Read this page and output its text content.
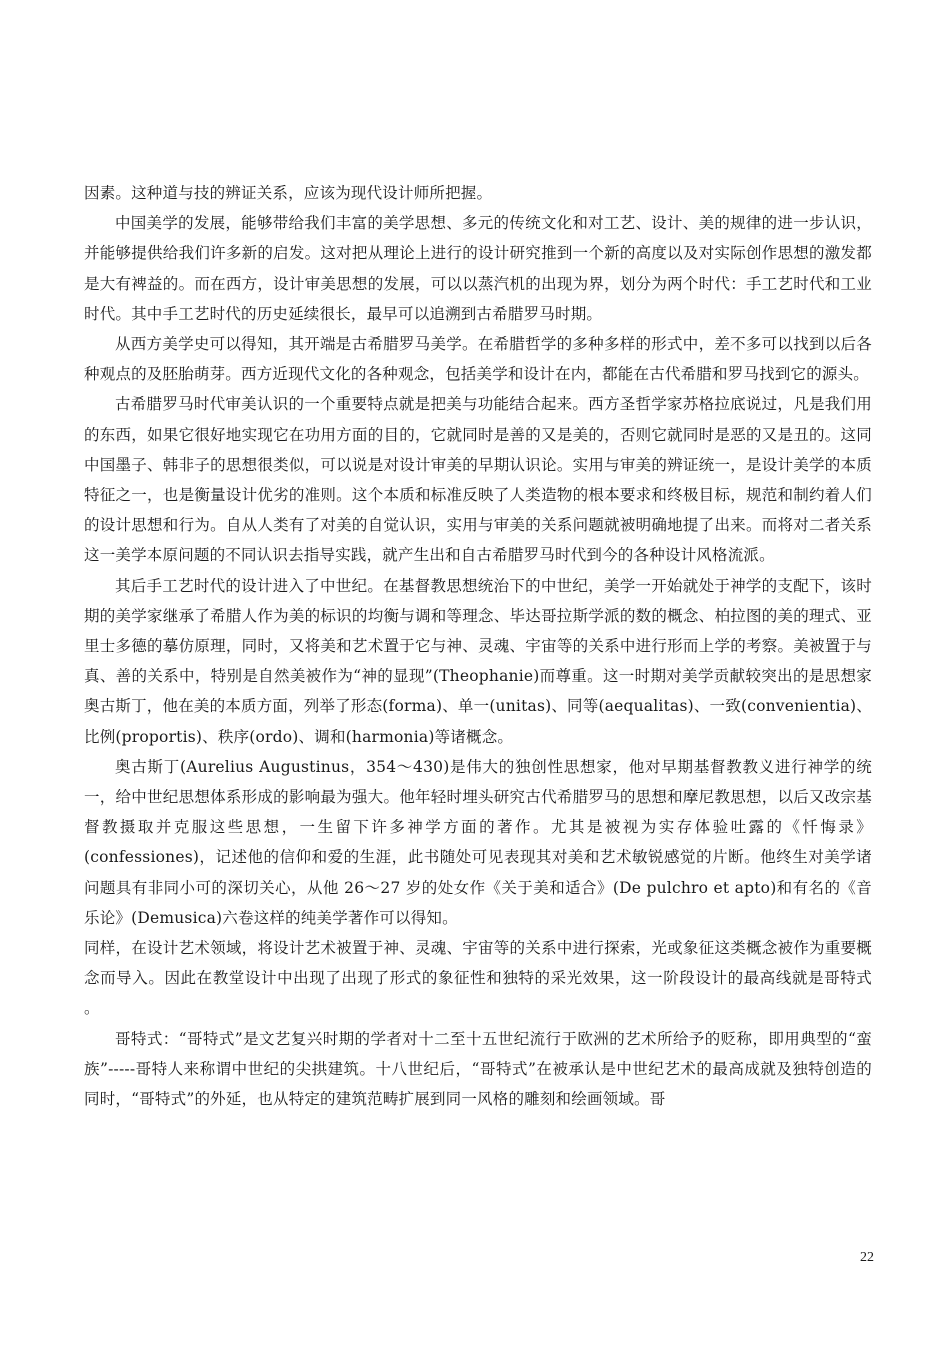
因素。这种道与技的辨证关系，应该为现代设计师所把握。

中国美学的发展，能够带给我们丰富的美学思想、多元的传统文化和对工艺、设计、美的规律的进一步认识，并能够提供给我们许多新的启发。这对把从理论上进行的设计研究推到一个新的高度以及对实际创作思想的激发都是大有裨益的。而在西方，设计审美思想的发展，可以以蒸汽机的出现为界，划分为两个时代：手工艺时代和工业时代。其中手工艺时代的历史延续很长，最早可以追溯到古希腊罗马时期。

从西方美学史可以得知，其开端是古希腊罗马美学。在希腊哲学的多种多样的形式中，差不多可以找到以后各种观点的及胚胎萌芽。西方近现代文化的各种观念，包括美学和设计在内，都能在古代希腊和罗马找到它的源头。

古希腊罗马时代审美认识的一个重要特点就是把美与功能结合起来。西方圣哲学家苏格拉底说过，凡是我们用的东西，如果它很好地实现它在功用方面的目的，它就同时是善的又是美的，否则它就同时是恶的又是丑的。这同中国墨子、韩非子的思想很类似，可以说是对设计审美的早期认识论。实用与审美的辨证统一，是设计美学的本质特征之一，也是衡量设计优劣的准则。这个本质和标准反映了人类造物的根本要求和终极目标，规范和制约着人们的设计思想和行为。自从人类有了对美的自觉认识，实用与审美的关系问题就被明确地提了出来。而将对二者关系这一美学本原问题的不同认识去指导实践，就产生出和自古希腊罗马时代到今的各种设计风格流派。

其后手工艺时代的设计进入了中世纪。在基督教思想统治下的中世纪，美学一开始就处于神学的支配下，该时期的美学家继承了希腊人作为美的标识的均衡与调和等理念、毕达哥拉斯学派的数的概念、柏拉图的美的理式、亚里士多德的摹仿原理，同时，又将美和艺术置于它与神、灵魂、宇宙等的关系中进行形而上学的考察。美被置于与真、善的关系中，特别是自然美被作为“神的显现”(Theophanie)而尊重。这一时期对美学贡献较突出的是思想家奥古斯丁，他在美的本质方面，列举了形态(forma)、单一(unitas)、同等(aequalitas)、一致(convenientia)、比例(proportis)、秩序(ordo)、调和(harmonia)等诸概念。

奥古斯丁(Aurelius Augustinus，354～430)是伟大的独创性思想家，他对早期基督教教义进行神学的统一，给中世纪思想体系形成的影响最为强大。他年轻时埋头研究古代希腊罗马的思想和摩尼教思想，以后又改宗基督教摄取并克服这些思想，一生留下许多神学方面的著作。尤其是被视为实存体验吐露的《忏悔录》(confessiones)，记述他的信仰和爱的生涯，此书随处可见表现其对美和艺术敏锐感觉的片断。他终生对美学诸问题具有非同小可的深切关心，从他 26～27 岁的处女作《关于美和适合》(De pulchro et apto)和有名的《音乐论》(Demusica)六卷这样的纯美学著作可以得知。

同样，在设计艺术领域，将设计艺术被置于神、灵魂、宇宙等的关系中进行探索，光或象征这类概念被作为重要概念而导入。因此在教堂设计中出现了出现了形式的象征性和独特的采光效果，这一阶段设计的最高线就是哥特式 。

哥特式：“哥特式”是文艺复兴时期的学者对十二至十五世纪流行于欧洲的艺术所给予的贬称，即用典型的“蛮族”-----哥特人来称谓中世纪的尖拱建筑。十八世纪后，“哥特式”在被承认是中世纪艺术的最高成就及独特创造的同时，“哥特式”的外延，也从特定的建筑范畴扩展到同一风格的雕刻和绘画领域。哥

22
